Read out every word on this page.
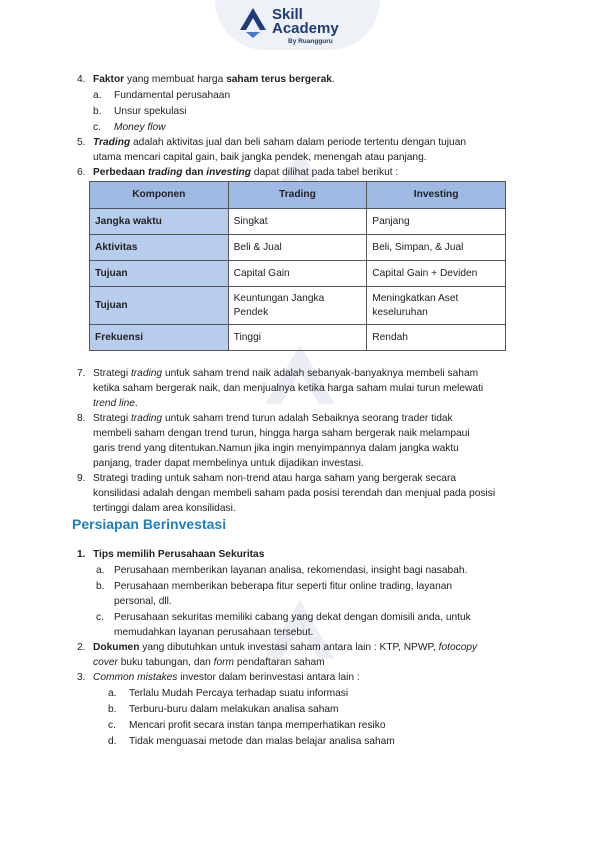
Skill
Academy
By Ruangguru
4. Faktor yang membuat harga saham terus bergerak.
a. Fundamental perusahaan
b. Unsur spekulasi
c. Money flow
5. Trading adalah aktivitas jual dan beli saham dalam periode tertentu dengan tujuan
utama mencari capital gain, baik jangka pendek, menengah atau panjang.
6. Perbedaan trading dan investing dapat dilihat pada tabel berikut :
Komponen	Trading	Investing
Jangka waktu	Singkat	Panjang
Aktivitas	Beli & Jual	Beli, Simpan, & Jual
Tujuan	Capital Gain	Capital Gain + Deviden
Tujuan	Keuntungan Jangka Pendek	Meningkatkan Aset keseluruhan
Frekuensi	Tinggi	Rendah
7. Strategi trading untuk saham trend naik adalah sebanyak-banyaknya membeli saham
ketika saham bergerak naik, dan menjualnya ketika harga saham mulai turun melewati
trend line.
8. Strategi trading untuk saham trend turun adalah Sebaiknya seorang trader tidak
membeli saham dengan trend turun, hingga harga saham bergerak naik melampaui
garis trend yang ditentukan.Namun jika ingin menyimpannya dalam jangka waktu
panjang, trader dapat membelinya untuk dijadikan investasi.
9. Strategi trading untuk saham non-trend atau harga saham yang bergerak secara
konsilidasi adalah dengan membeli saham pada posisi terendah dan menjual pada posisi
tertinggi dalam area konsilidasi.
Persiapan Berinvestasi
1. Tips memilih Perusahaan Sekuritas
a. Perusahaan memberikan layanan analisa, rekomendasi, insight bagi nasabah.
b. Perusahaan memberikan beberapa fitur seperti fitur online trading, layanan
personal, dll.
c. Perusahaan sekuritas memiliki cabang yang dekat dengan domisili anda, untuk
memudahkan layanan perusahaan tersebut.
2. Dokumen yang dibutuhkan untuk investasi saham antara lain : KTP, NPWP, fotocopy
cover buku tabungan, dan form pendaftaran saham
3. Common mistakes investor dalam berinvestasi antara lain :
a. Terlalu Mudah Percaya terhadap suatu informasi
b. Terburu-buru dalam melakukan analisa saham
c. Mencari profit secara instan tanpa memperhatikan resiko
d. Tidak menguasai metode dan malas belajar analisa saham
